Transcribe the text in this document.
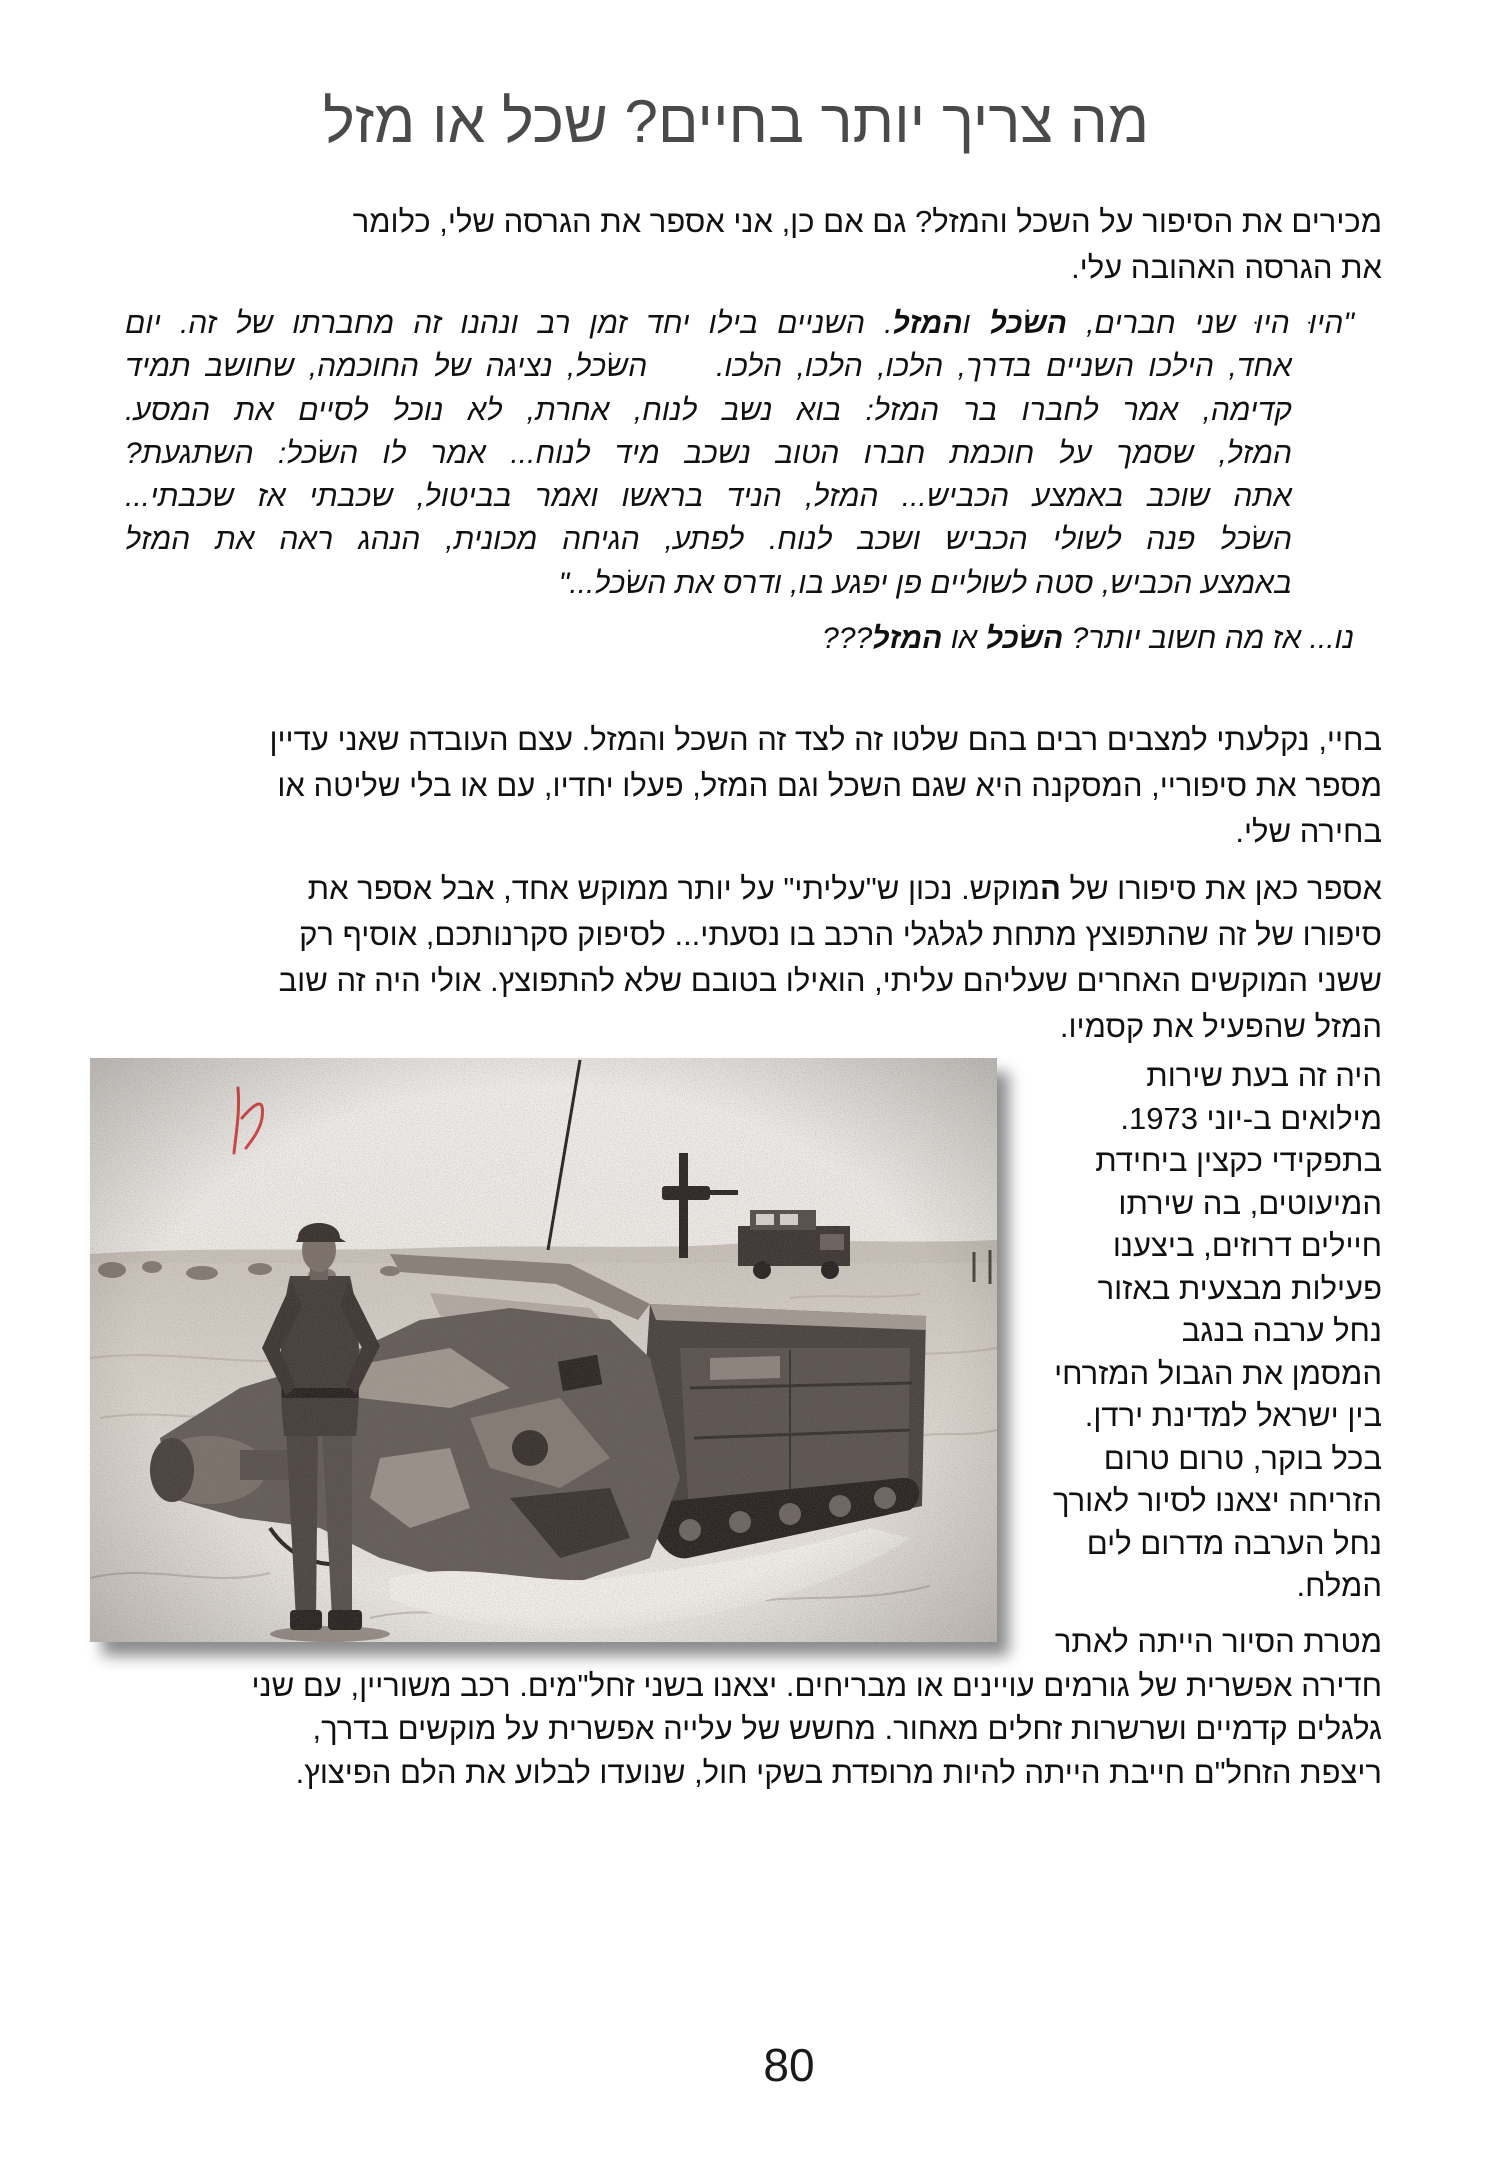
מה צריך יותר בחיים? שכל או מזל
מכירים את הסיפור על השכל והמזל? גם אם כן, אני אספר את הגרסה שלי, כלומר
את הגרסה האהובה עלי.
"היוּ היוּ שני חברים, השׂכל והמזל. השניים בילו יחד זמן רב ונהנו זה מחברתו של זה. יום
אחד, הילכו השניים בדרך, הלכו, הלכו, הלכו.  השׂכל, נציגה של החוכמה, שחושב תמיד
קדימה, אמר לחברו בר המזל: בוא נשב לנוח, אחרת, לא נוכל לסיים את המסע.
המזל, שסמך על חוכמת חברו הטוב נשכב מיד לנוח... אמר לו השׂכל: השתגעת?
אתה שוכב באמצע הכביש... המזל, הניד בראשו ואמר בביטול, שכבתי אז שכבתי...
השׂכל פנה לשולי הכביש ושכב לנוח. לפתע, הגיחה מכונית, הנהג ראה את המזל
באמצע הכביש, סטה לשוליים פן יפגע בו, ודרס את השׂכל..."
נו... אז מה חשוב יותר? השׂכל או המזל???
בחיי, נקלעתי למצבים רבים בהם שלטו זה לצד זה השכל והמזל. עצם העובדה שאני עדיין
מספר את סיפוריי, המסקנה היא שגם השכל וגם המזל, פעלו יחדיו, עם או בלי שליטה או
בחירה שלי.
אספר כאן את סיפורו של המוקש. נכון ש"עליתי" על יותר ממוקש אחד, אבל אספר את
סיפורו של זה שהתפוצץ מתחת לגלגלי הרכב בו נסעתי... לסיפוק סקרנותכם, אוסיף רק
ששני המוקשים האחרים שעליהם עליתי, הואילו בטובם שלא להתפוצץ. אולי היה זה שוב
המזל שהפעיל את קסמיו.
היה זה בעת שירות
מילואים ב-יוני 1973.
בתפקידי כקצין ביחידת
המיעוטים, בה שירתו
חיילים דרוזים, ביצענו
פעילות מבצעית באזור
נחל ערבה בנגב
המסמן את הגבול המזרחי
בין ישראל למדינת ירדן.
בכל בוקר, טרום טרום
הזריחה יצאנו לסיור לאורך
נחל הערבה מדרום לים
המלח.
מטרת הסיור הייתה לאתר
חדירה אפשרית של גורמים עויינים או מבריחים. יצאנו בשני זחל"מים. רכב משוריין, עם שני
גלגלים קדמיים ושרשרות זחלים מאחור. מחשש של עלייה אפשרית על מוקשים בדרך,
ריצפת הזחל"ם חייבת הייתה להיות מרופדת בשקי חול, שנועדו לבלוע את הלם הפיצוץ.
80
